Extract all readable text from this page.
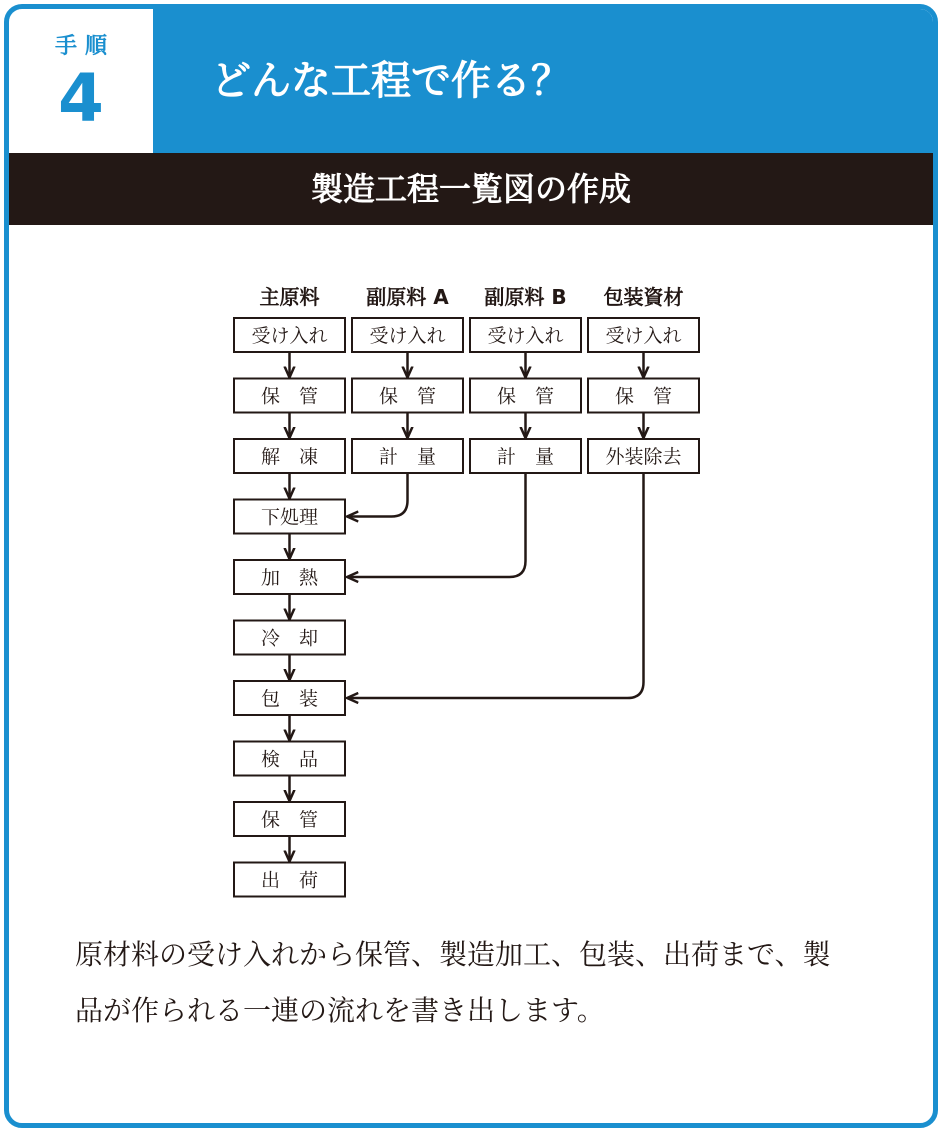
手順
4	どんな工程で作る？
製造工程一覧図の作成
主原料
受け入れ
保　管
解　凍
下処理
加　熱
冷　却
包　装
検　品
保　管
出　荷
副原料 A
受け入れ
保　管
計　量
副原料 B
受け入れ
保　管
計　量
包装資材
受け入れ
保　管
外装除去

原材料の受け入れから保管、製造加工、包装、出荷まで、製

品が作られる一連の流れを書き出します。
